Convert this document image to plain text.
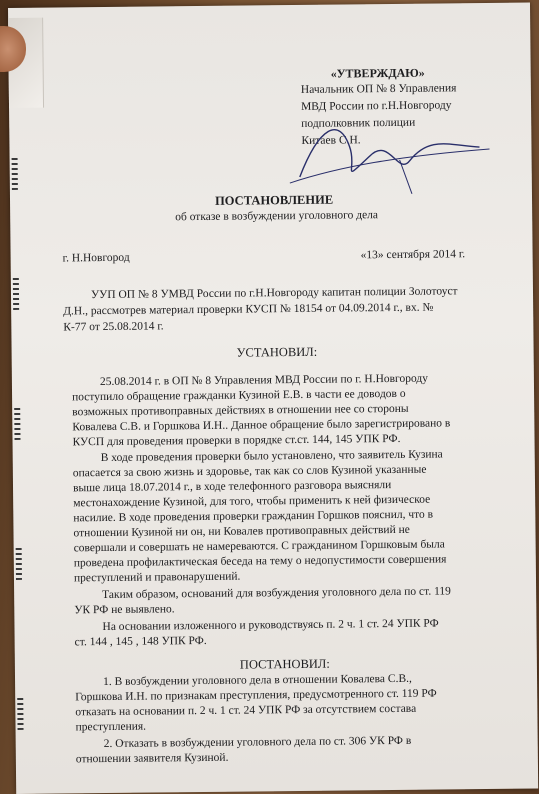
«УТВЕРЖДАЮ»
Начальник ОП № 8 Управления
МВД России по г.Н.Новгороду
подполковник полиции
Китаев С.Н.
ПОСТАНОВЛЕНИЕ
об отказе в возбуждении уголовного дела
г. Н.Новгород	«13» сентября 2014 г.
УУП ОП № 8 УМВД России по г.Н.Новгороду капитан полиции Золотоуст
Д.Н., рассмотрев материал проверки КУСП № 18154 от 04.09.2014 г., вх. №
К-77 от 25.08.2014 г.
УСТАНОВИЛ:
25.08.2014 г. в ОП № 8 Управления МВД России по г. Н.Новгороду
поступило обращение гражданки Кузиной Е.В. в части ее доводов о
возможных противоправных действиях в отношении нее со стороны
Ковалева С.В. и Горшкова И.Н.. Данное обращение было зарегистрировано в
КУСП для проведения проверки в порядке ст.ст. 144, 145 УПК РФ.
В ходе проведения проверки было установлено, что заявитель Кузина
опасается за свою жизнь и здоровье, так как со слов Кузиной указанные
выше лица 18.07.2014 г., в ходе телефонного разговора выясняли
местонахождение Кузиной, для того, чтобы применить к ней физическое
насилие. В ходе проведения проверки гражданин Горшков пояснил, что в
отношении Кузиной ни он, ни Ковалев противоправных действий не
совершали и совершать не намереваются. С гражданином Горшковым была
проведена профилактическая беседа на тему о недопустимости совершения
преступлений и правонарушений.
Таким образом, оснований для возбуждения уголовного дела по ст. 119
УК РФ не выявлено.
На основании изложенного и руководствуясь п. 2 ч. 1 ст. 24 УПК РФ
ст. 144 , 145 , 148 УПК РФ.
ПОСТАНОВИЛ:
1. В возбуждении уголовного дела в отношении Ковалева С.В.,
Горшкова И.Н. по признакам преступления, предусмотренного ст. 119 РФ
отказать на основании п. 2 ч. 1 ст. 24 УПК РФ за отсутствием состава
преступления.
2. Отказать в возбуждении уголовного дела по ст. 306 УК РФ в
отношении заявителя Кузиной.
